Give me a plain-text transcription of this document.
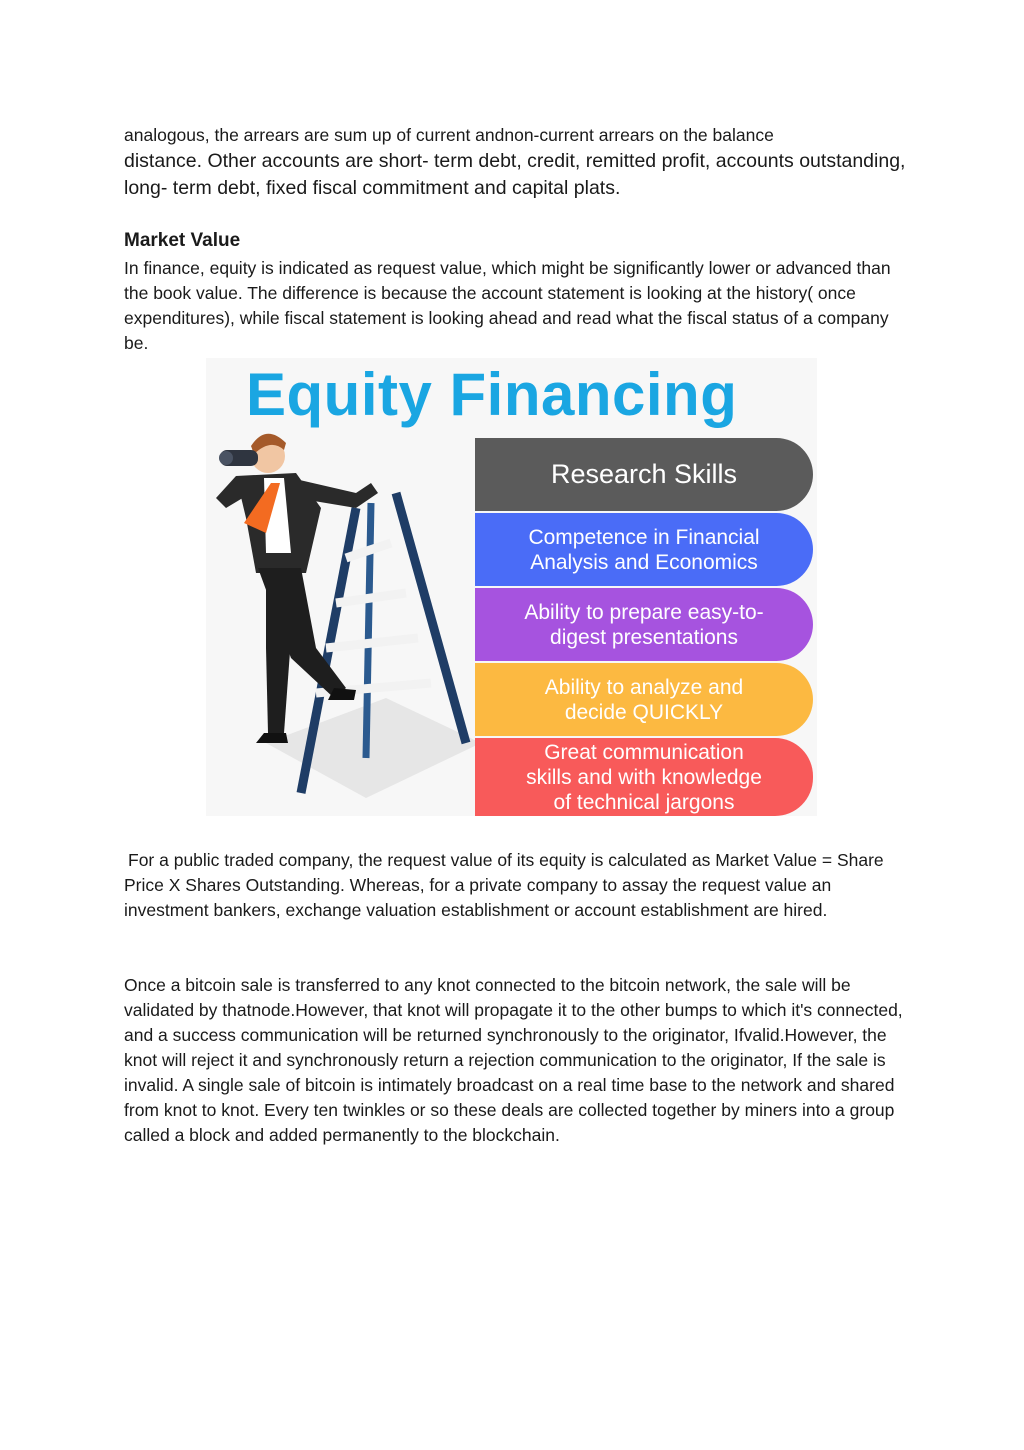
analogous, the arrears are sum up of current andnon-current arrears on the balance

distance. Other accounts are short- term debt, credit, remitted profit, accounts outstanding, long- term debt, fixed fiscal commitment and capital plats.

Market Value

In finance, equity is indicated as request value, which might be significantly lower or advanced than the book value. The difference is because the account statement is looking at the history( once expenditures), while fiscal statement is looking ahead and read what the fiscal status of a company be.

Equity Financing
Research Skills
Competence in Financial
Analysis and Economics
Ability to prepare easy-to-
digest presentations
Ability to analyze and
decide QUICKLY
Great communication
skills and with knowledge
of technical jargons

For a public traded company, the request value of its equity is calculated as Market Value = Share Price X Shares Outstanding. Whereas, for a private company to assay the request value an investment bankers, exchange valuation establishment or account establishment are hired.

Once a bitcoin sale is transferred to any knot connected to the bitcoin network, the sale will be validated by thatnode.However, that knot will propagate it to the other bumps to which it's connected, and a success communication will be returned synchronously to the originator, Ifvalid.However, the knot will reject it and synchronously return a rejection communication to the originator, If the sale is invalid. A single sale of bitcoin is intimately broadcast on a real time base to the network and shared from knot to knot. Every ten twinkles or so these deals are collected together by miners into a group called a block and added permanently to the blockchain.
